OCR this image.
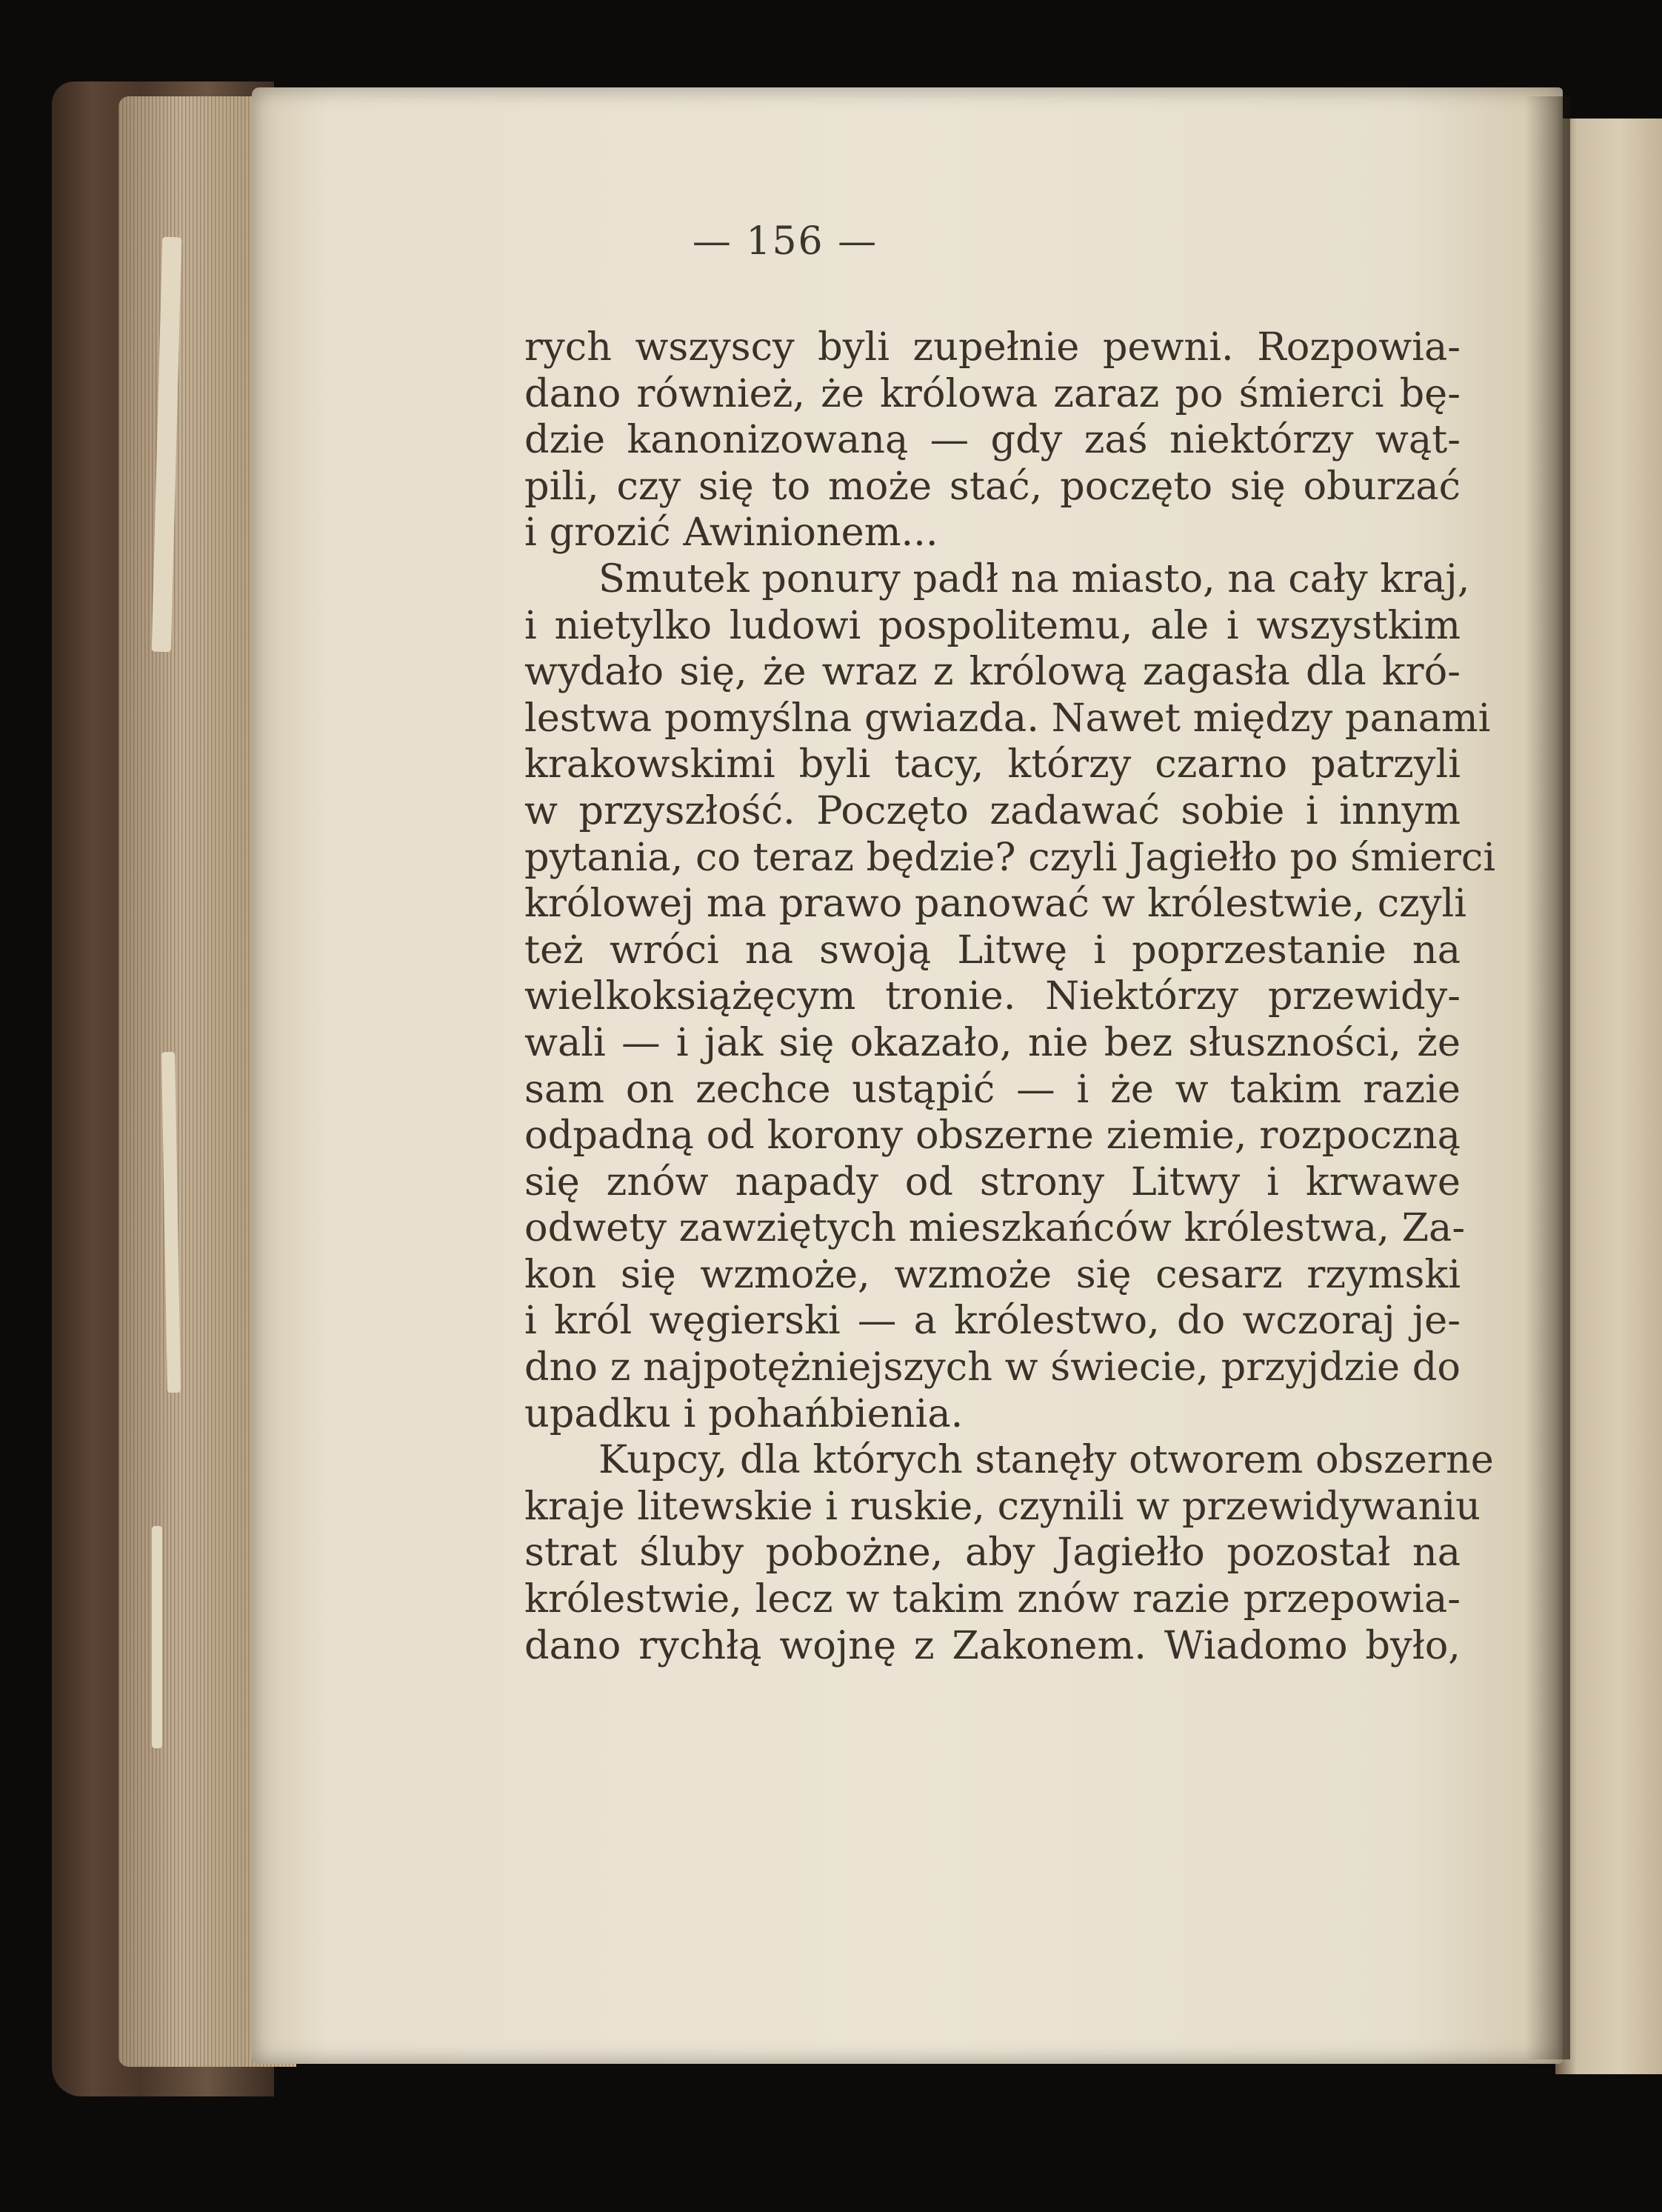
— 156 —
rych wszyscy byli zupełnie pewni. Rozpowia-
dano również, że królowa zaraz po śmierci bę-
dzie kanonizowaną — gdy zaś niektórzy wąt-
pili, czy się to może stać, poczęto się oburzać
i grozić Awinionem...
Smutek ponury padł na miasto, na cały kraj,
i nietylko ludowi pospolitemu, ale i wszystkim
wydało się, że wraz z królową zagasła dla kró-
lestwa pomyślna gwiazda. Nawet między panami
krakowskimi byli tacy, którzy czarno patrzyli
w przyszłość. Poczęto zadawać sobie i innym
pytania, co teraz będzie? czyli Jagiełło po śmierci
królowej ma prawo panować w królestwie, czyli
też wróci na swoją Litwę i poprzestanie na
wielkoksiążęcym tronie. Niektórzy przewidy-
wali — i jak się okazało, nie bez słuszności, że
sam on zechce ustąpić — i że w takim razie
odpadną od korony obszerne ziemie, rozpoczną
się znów napady od strony Litwy i krwawe
odwety zawziętych mieszkańców królestwa, Za-
kon się wzmoże, wzmoże się cesarz rzymski
i król węgierski — a królestwo, do wczoraj je-
dno z najpotężniejszych w świecie, przyjdzie do
upadku i pohańbienia.
Kupcy, dla których stanęły otworem obszerne
kraje litewskie i ruskie, czynili w przewidywaniu
strat śluby pobożne, aby Jagiełło pozostał na
królestwie, lecz w takim znów razie przepowia-
dano rychłą wojnę z Zakonem. Wiadomo było,
